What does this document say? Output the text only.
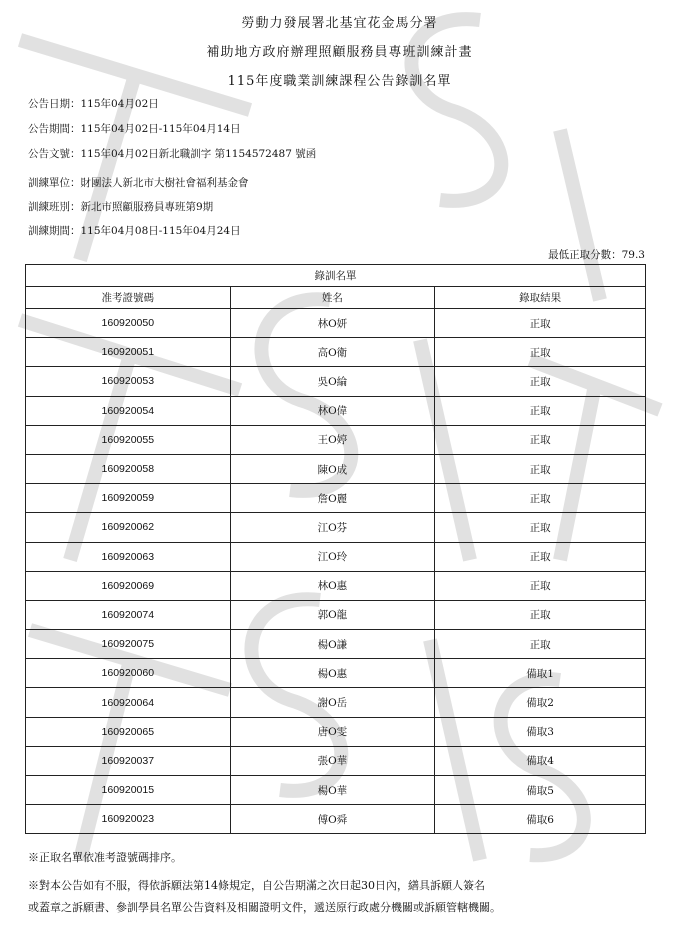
勞動力發展署北基宜花金馬分署
補助地方政府辦理照顧服務員專班訓練計畫
115年度職業訓練課程公告錄訓名單
公告日期：115年04月02日
公告期間：115年04月02日-115年04月14日
公告文號：115年04月02日新北職訓字 第1154572487 號函
訓練單位：財團法人新北市大樹社會福利基金會
訓練班別：新北市照顧服務員專班第9期
訓練期間：115年04月08日-115年04月24日
最低正取分數：79.3
錄訓名單		
准考證號碼	姓名	錄取結果
160920050	林O妍	正取
160920051	高O衛	正取
160920053	吳O綸	正取
160920054	林O偉	正取
160920055	王O婷	正取
160920058	陳O成	正取
160920059	詹O麗	正取
160920062	江O芬	正取
160920063	江O玲	正取
160920069	林O惠	正取
160920074	郭O龍	正取
160920075	楊O謙	正取
160920060	楊O惠	備取1
160920064	謝O岳	備取2
160920065	唐O雯	備取3
160920037	張O華	備取4
160920015	楊O華	備取5
160920023	傅O舜	備取6
※正取名單依准考證號碼排序。
※對本公告如有不服，得依訴願法第14條規定，自公告期滿之次日起30日內，繕具訴願人簽名
或蓋章之訴願書、參訓學員名單公告資料及相關證明文件，遞送原行政處分機關或訴願管轄機關。
